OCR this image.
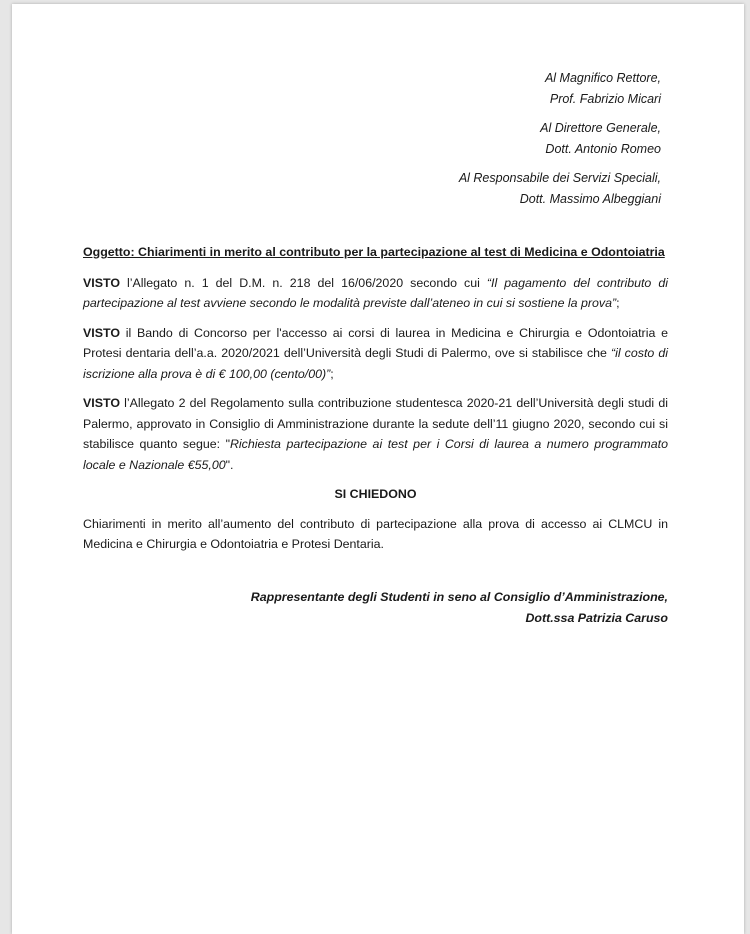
Al Magnifico Rettore,
Prof. Fabrizio Micari
Al Direttore Generale,
Dott. Antonio Romeo
Al Responsabile dei Servizi Speciali,
Dott. Massimo Albeggiani

Oggetto: Chiarimenti in merito al contributo per la partecipazione al test di Medicina e Odontoiatria

VISTO l’Allegato n. 1 del D.M. n. 218 del 16/06/2020 secondo cui “Il pagamento del contributo di partecipazione al test avviene secondo le modalità previste dall’ateneo in cui si sostiene la prova”;

VISTO il Bando di Concorso per l'accesso ai corsi di laurea in Medicina e Chirurgia e Odontoiatria e Protesi dentaria dell’a.a. 2020/2021 dell’Università degli Studi di Palermo, ove si stabilisce che “il costo di iscrizione alla prova è di € 100,00 (cento/00)”;

VISTO l’Allegato 2 del Regolamento sulla contribuzione studentesca 2020-21 dell’Università degli studi di Palermo, approvato in Consiglio di Amministrazione durante la sedute dell’11 giugno 2020, secondo cui si stabilisce quanto segue: "Richiesta partecipazione ai test per i Corsi di laurea a numero programmato locale e Nazionale €55,00".

SI CHIEDONO

Chiarimenti in merito all’aumento del contributo di partecipazione alla prova di accesso ai CLMCU in Medicina e Chirurgia e Odontoiatria e Protesi Dentaria.

Rappresentante degli Studenti in seno al Consiglio d’Amministrazione,
Dott.ssa Patrizia Caruso
